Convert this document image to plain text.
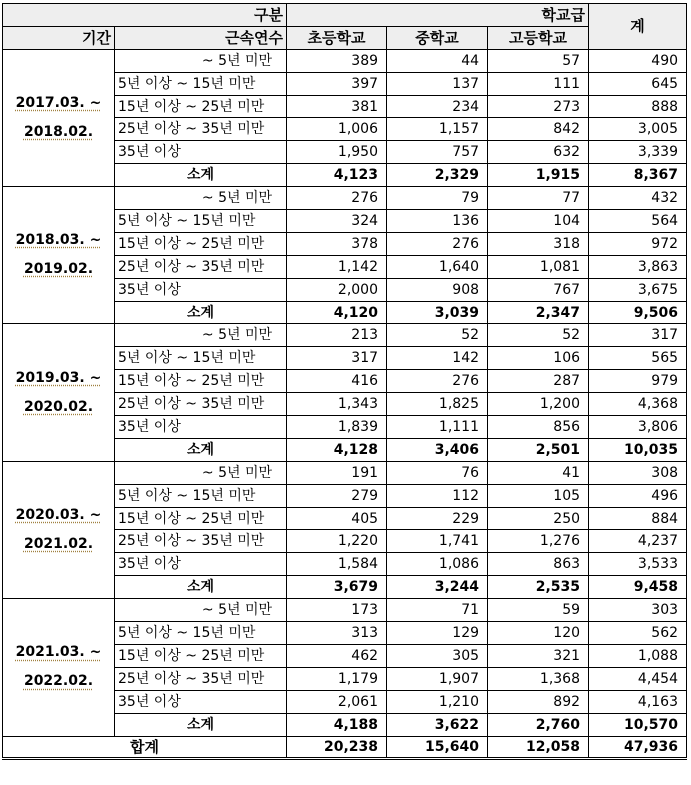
구분		학교급			계
기간	근속연수	초등학교	중학교	고등학교	

2017.03. ~
2018.02.	~ 5년 미만	389	44	57	490
	5년 이상 ~ 15년 미만	397	137	111	645
	15년 이상 ~ 25년 미만	381	234	273	888
	25년 이상 ~ 35년 미만	1,006	1,157	842	3,005
	35년 이상	1,950	757	632	3,339
	소계	4,123	2,329	1,915	8,367

2018.03. ~
2019.02.	~ 5년 미만	276	79	77	432
	5년 이상 ~ 15년 미만	324	136	104	564
	15년 이상 ~ 25년 미만	378	276	318	972
	25년 이상 ~ 35년 미만	1,142	1,640	1,081	3,863
	35년 이상	2,000	908	767	3,675
	소계	4,120	3,039	2,347	9,506

2019.03. ~
2020.02.	~ 5년 미만	213	52	52	317
	5년 이상 ~ 15년 미만	317	142	106	565
	15년 이상 ~ 25년 미만	416	276	287	979
	25년 이상 ~ 35년 미만	1,343	1,825	1,200	4,368
	35년 이상	1,839	1,111	856	3,806
	소계	4,128	3,406	2,501	10,035

2020.03. ~
2021.02.	~ 5년 미만	191	76	41	308
	5년 이상 ~ 15년 미만	279	112	105	496
	15년 이상 ~ 25년 미만	405	229	250	884
	25년 이상 ~ 35년 미만	1,220	1,741	1,276	4,237
	35년 이상	1,584	1,086	863	3,533
	소계	3,679	3,244	2,535	9,458

2021.03. ~
2022.02.	~ 5년 미만	173	71	59	303
	5년 이상 ~ 15년 미만	313	129	120	562
	15년 이상 ~ 25년 미만	462	305	321	1,088
	25년 이상 ~ 35년 미만	1,179	1,907	1,368	4,454
	35년 이상	2,061	1,210	892	4,163
	소계	4,188	3,622	2,760	10,570
합계		20,238	15,640	12,058	47,936
